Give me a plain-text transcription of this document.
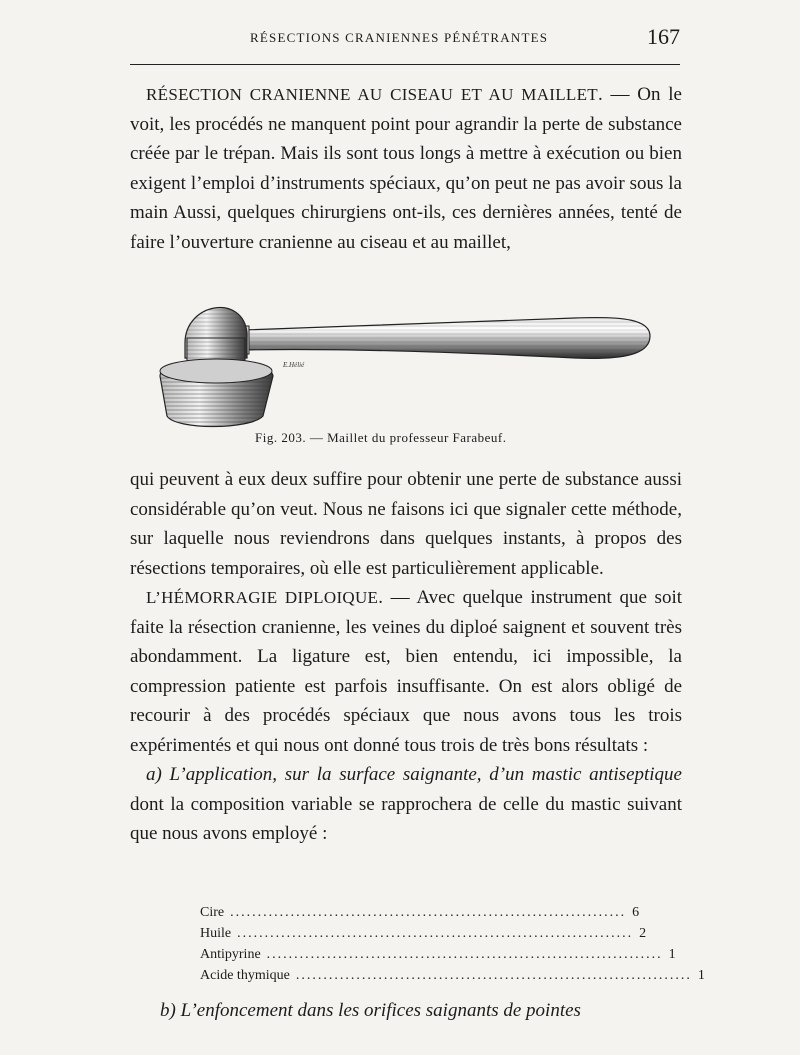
RÉSECTIONS CRANIENNES PÉNÉTRANTES	167

RÉSECTION CRANIENNE AU CISEAU ET AU MAILLET. — On le voit, les procédés ne manquent point pour agrandir la perte de substance créée par le trépan. Mais ils sont tous longs à mettre à exécution ou bien exigent l’emploi d’instruments spéciaux, qu’on peut ne pas avoir sous la main Aussi, quelques chirurgiens ont-ils, ces dernières années, tenté de faire l’ouverture cranienne au ciseau et au maillet,

E.Hélié
Fig. 203. — Maillet du professeur Farabeuf.

qui peuvent à eux deux suffire pour obtenir une perte de substance aussi considérable qu’on veut. Nous ne faisons ici que signaler cette méthode, sur laquelle nous reviendrons dans quelques instants, à propos des résections temporaires, où elle est particulièrement applicable.

L’HÉMORRAGIE DIPLOIQUE. — Avec quelque instrument que soit faite la résection cranienne, les veines du diploé saignent et souvent très abondamment. La ligature est, bien entendu, ici impossible, la compression patiente est parfois insuffisante. On est alors obligé de recourir à des procédés spéciaux que nous avons tous les trois expérimentés et qui nous ont donné tous trois de très bons résultats :

a) L’application, sur la surface saignante, d’un mastic antiseptique dont la composition variable se rapprochera de celle du mastic suivant que nous avons employé :

Cire ........................................................................ 6
Huile ........................................................................ 2
Antipyrine ........................................................................ 1
Acide thymique ........................................................................ 1
b) L’enfoncement dans les orifices saignants de pointes
